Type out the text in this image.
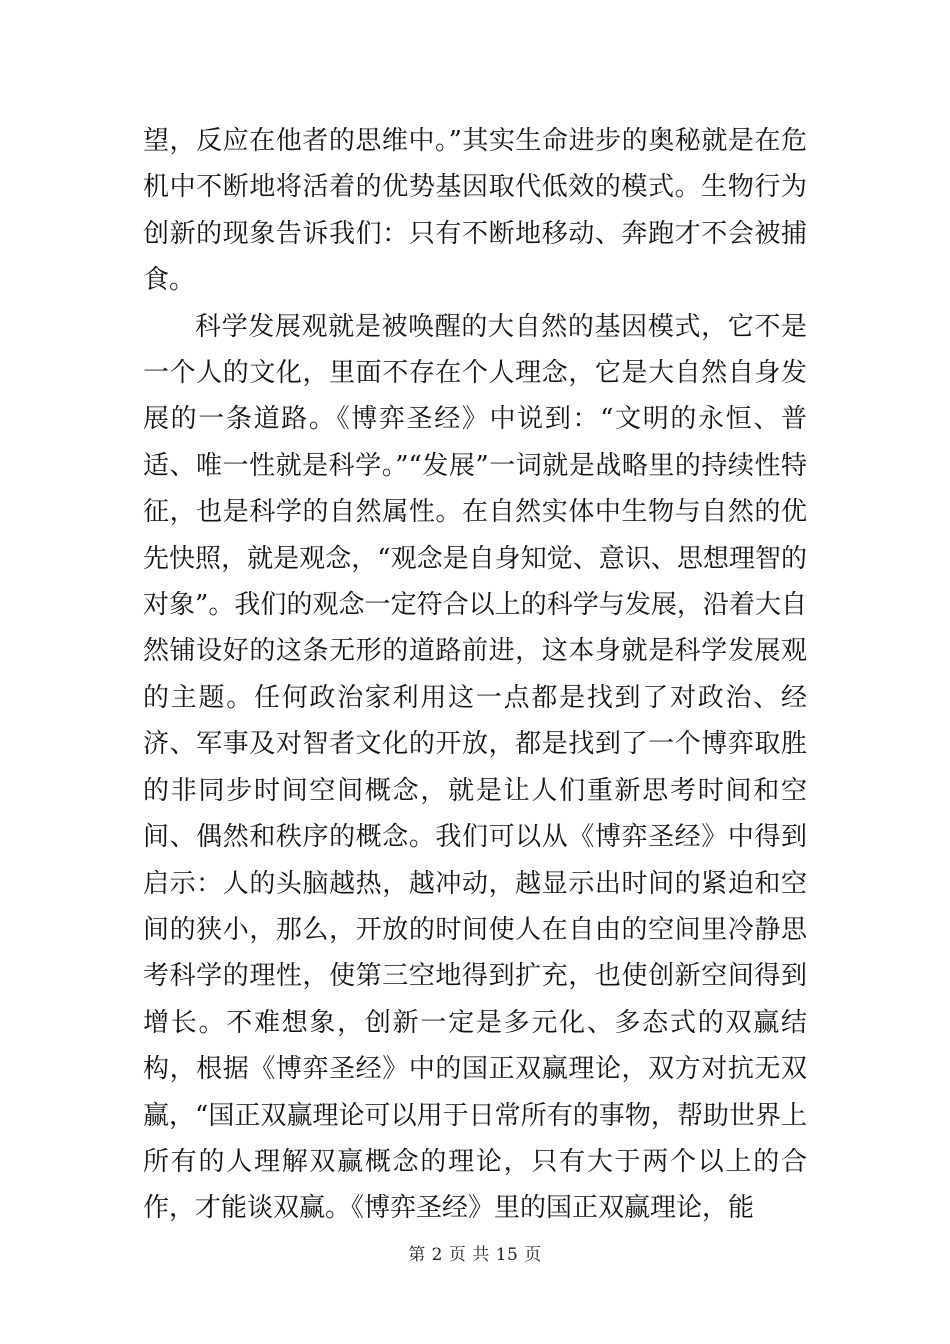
望，反应在他者的思维中。”其实生命进步的奥秘就是在危机中不断地将活着的优势基因取代低效的模式。生物行为创新的现象告诉我们：只有不断地移动、奔跑才不会被捕食。

科学发展观就是被唤醒的大自然的基因模式，它不是一个人的文化，里面不存在个人理念，它是大自然自身发展的一条道路。《博弈圣经》中说到：“文明的永恒、普适、唯一性就是科学。”“发展”一词就是战略里的持续性特征，也是科学的自然属性。在自然实体中生物与自然的优先快照，就是观念，“观念是自身知觉、意识、思想理智的对象”。我们的观念一定符合以上的科学与发展，沿着大自然铺设好的这条无形的道路前进，这本身就是科学发展观的主题。任何政治家利用这一点都是找到了对政治、经济、军事及对智者文化的开放，都是找到了一个博弈取胜的非同步时间空间概念，就是让人们重新思考时间和空间、偶然和秩序的概念。我们可以从《博弈圣经》中得到启示：人的头脑越热，越冲动，越显示出时间的紧迫和空间的狭小，那么，开放的时间使人在自由的空间里冷静思考科学的理性，使第三空地得到扩充，也使创新空间得到增长。不难想象，创新一定是多元化、多态式的双赢结构，根据《博弈圣经》中的国正双赢理论，双方对抗无双赢，“国正双赢理论可以用于日常所有的事物，帮助世界上所有的人理解双赢概念的理论，只有大于两个以上的合作，才能谈双赢。《博弈圣经》里的国正双赢理论，能

第 2 页 共 15 页
